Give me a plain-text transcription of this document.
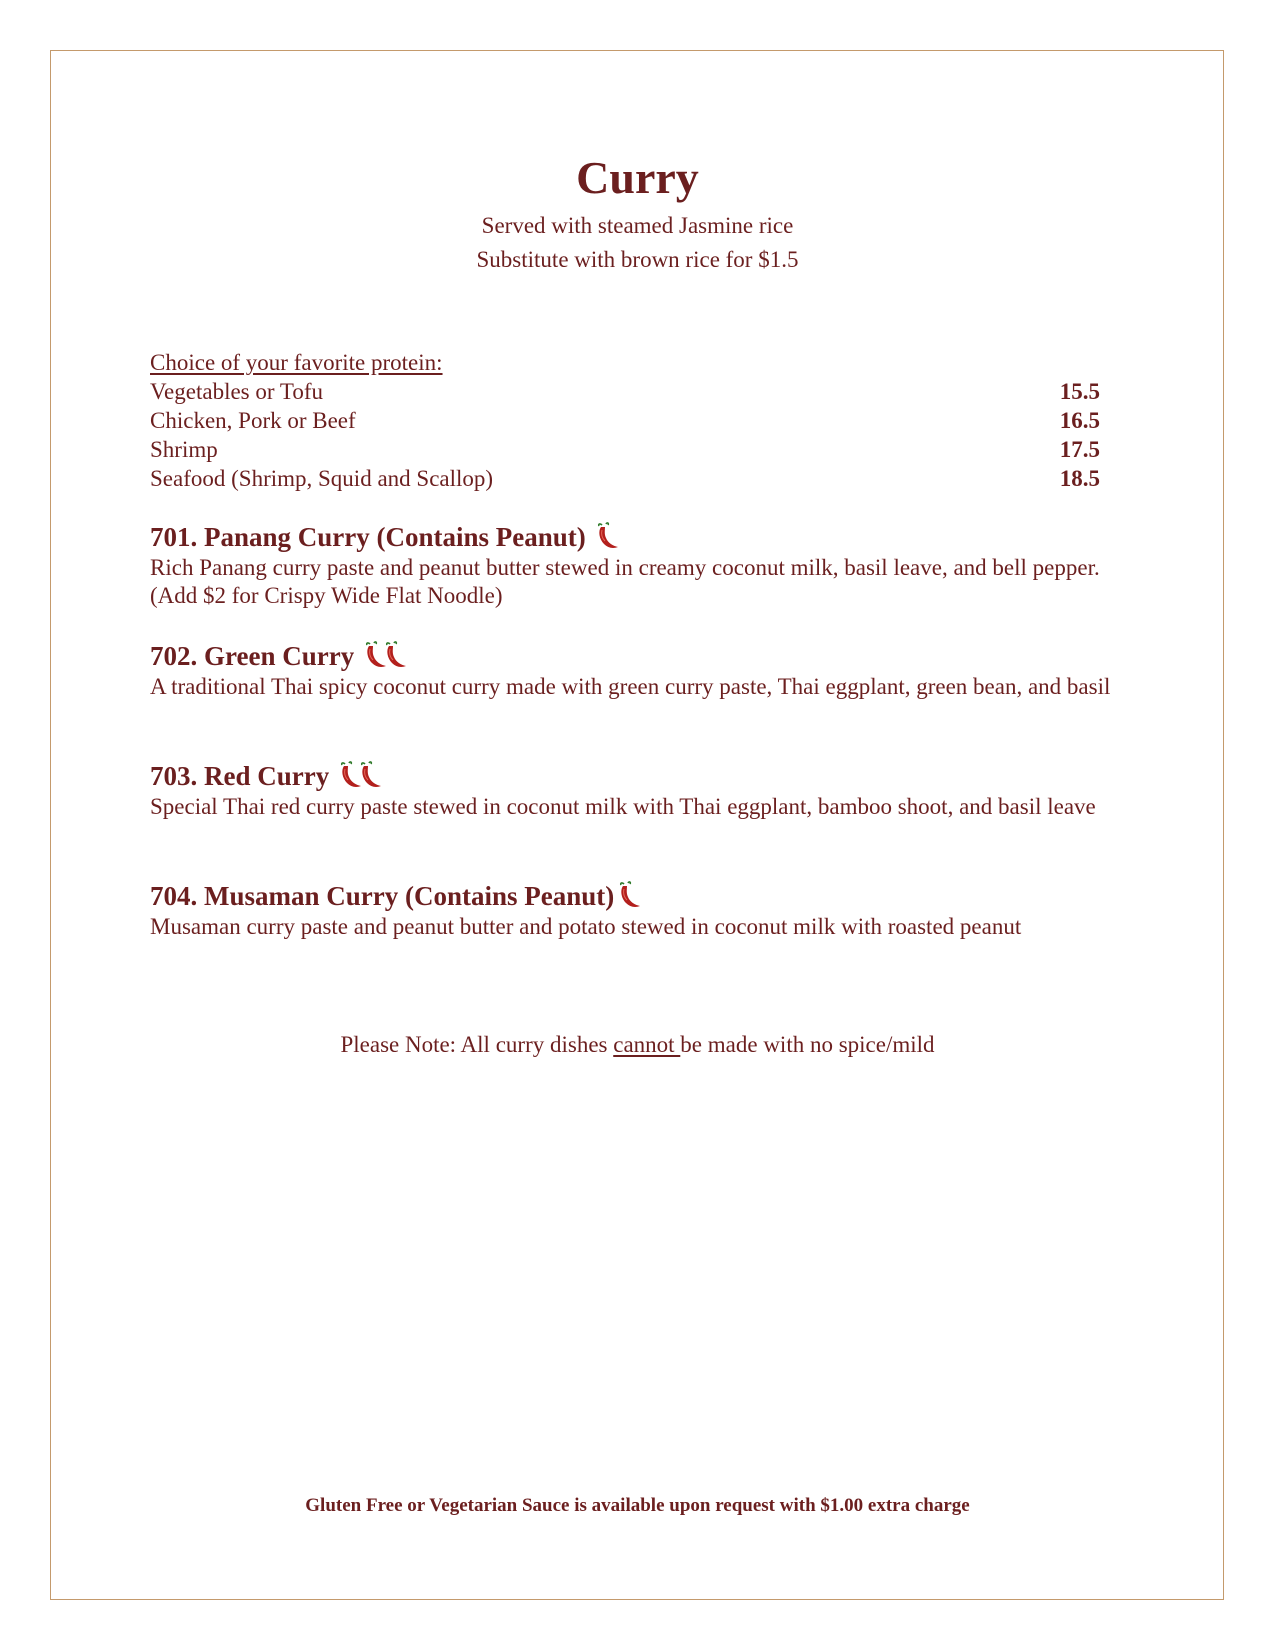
Curry
Served with steamed Jasmine rice
Substitute with brown rice for $1.5
Choice of your favorite protein:
Vegetables or Tofu	15.5
Chicken, Pork or Beef	16.5
Shrimp	17.5
Seafood (Shrimp, Squid and Scallop)	18.5
701. Panang Curry (Contains Peanut)
Rich Panang curry paste and peanut butter stewed in creamy coconut milk, basil leave, and bell pepper. (Add $2 for Crispy Wide Flat Noodle)
702. Green Curry
A traditional Thai spicy coconut curry made with green curry paste, Thai eggplant, green bean, and basil
703. Red Curry
Special Thai red curry paste stewed in coconut milk with Thai eggplant, bamboo shoot, and basil leave
704. Musaman Curry (Contains Peanut)
Musaman curry paste and peanut butter and potato stewed in coconut milk with roasted peanut
Please Note: All curry dishes cannot be made with no spice/mild
Gluten Free or Vegetarian Sauce is available upon request with $1.00 extra charge
